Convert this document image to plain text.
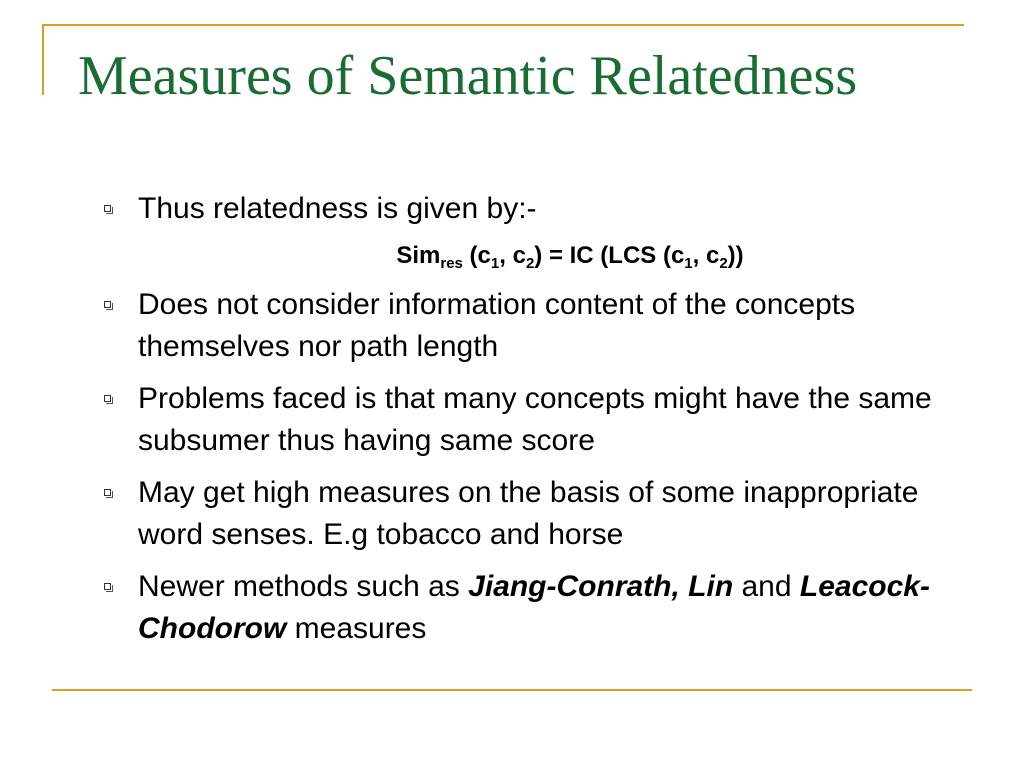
Measures of Semantic Relatedness
Thus relatedness is given by:-
Sim$_{res}$ ($c_1$, $c_2$) = IC (LCS ($c_1$, $c_2$))
Does not consider information content of the concepts themselves nor path length
Problems faced is that many concepts might have the same subsumer thus having same score
May get high measures on the basis of some inappropriate word senses. E.g tobacco and horse
Newer methods such as Jiang-Conrath, Lin and Leacock-Chodorow measures
